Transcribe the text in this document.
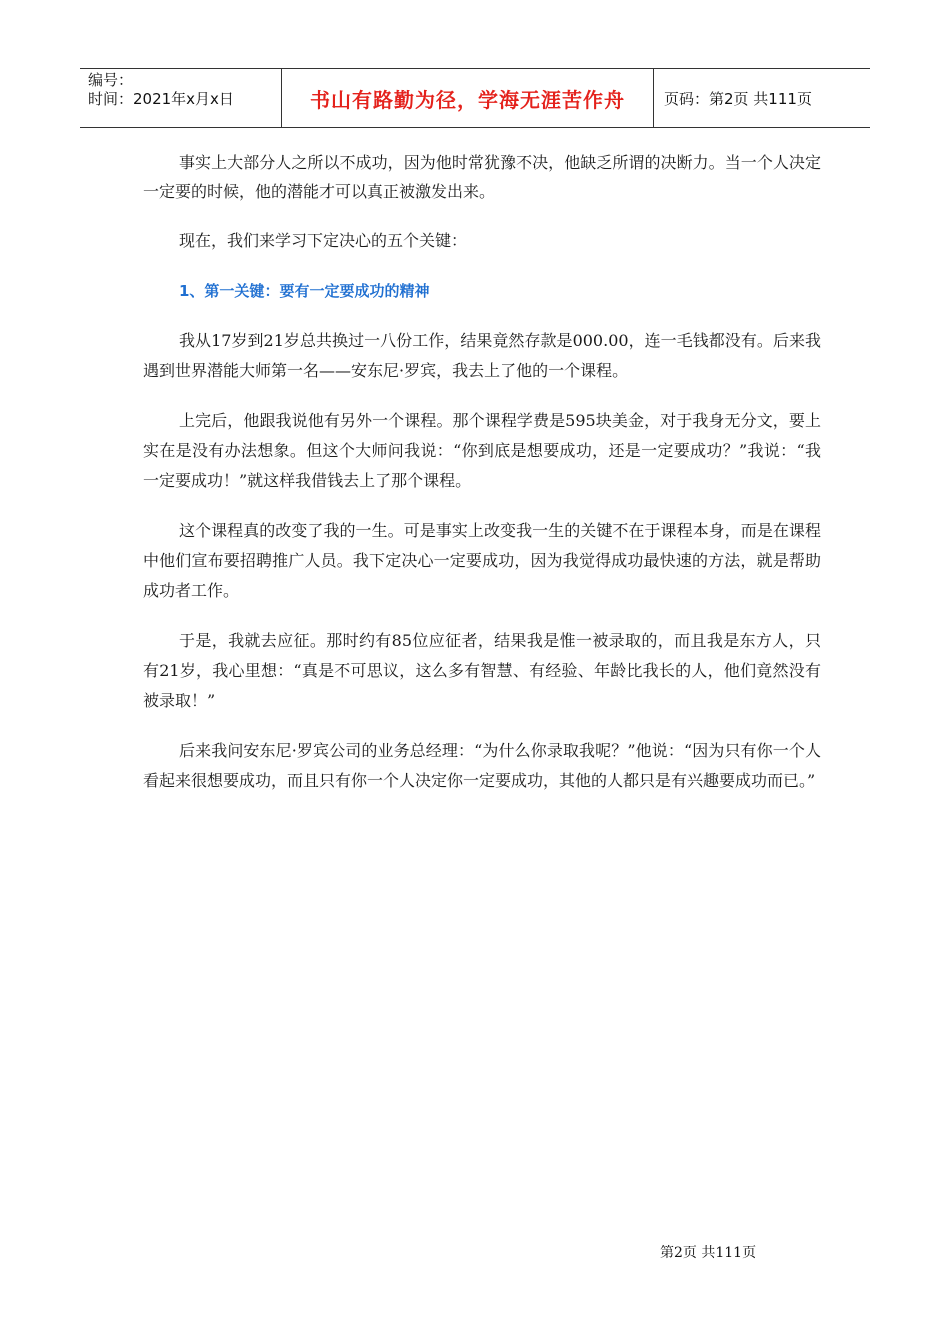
编号：
时间：2021年x月x日	书山有路勤为径，学海无涯苦作舟	页码：第2页 共111页

事实上大部分人之所以不成功，因为他时常犹豫不决，他缺乏所谓的决断力。当一个人决定一定要的时候，他的潜能才可以真正被激发出来。

现在，我们来学习下定决心的五个关键：

1、第一关键：要有一定要成功的精神

我从17岁到21岁总共换过一八份工作，结果竟然存款是000.00，连一毛钱都没有。后来我遇到世界潜能大师第一名——安东尼·罗宾，我去上了他的一个课程。

上完后，他跟我说他有另外一个课程。那个课程学费是595块美金，对于我身无分文，要上实在是没有办法想象。但这个大师问我说：“你到底是想要成功，还是一定要成功？”我说：“我一定要成功！”就这样我借钱去上了那个课程。

这个课程真的改变了我的一生。可是事实上改变我一生的关键不在于课程本身，而是在课程中他们宣布要招聘推广人员。我下定决心一定要成功，因为我觉得成功最快速的方法，就是帮助成功者工作。

于是，我就去应征。那时约有85位应征者，结果我是惟一被录取的，而且我是东方人，只有21岁，我心里想：“真是不可思议，这么多有智慧、有经验、年龄比我长的人，他们竟然没有被录取！”

后来我问安东尼·罗宾公司的业务总经理：“为什么你录取我呢？”他说：“因为只有你一个人看起来很想要成功，而且只有你一个人决定你一定要成功，其他的人都只是有兴趣要成功而已。”

第2页 共111页
